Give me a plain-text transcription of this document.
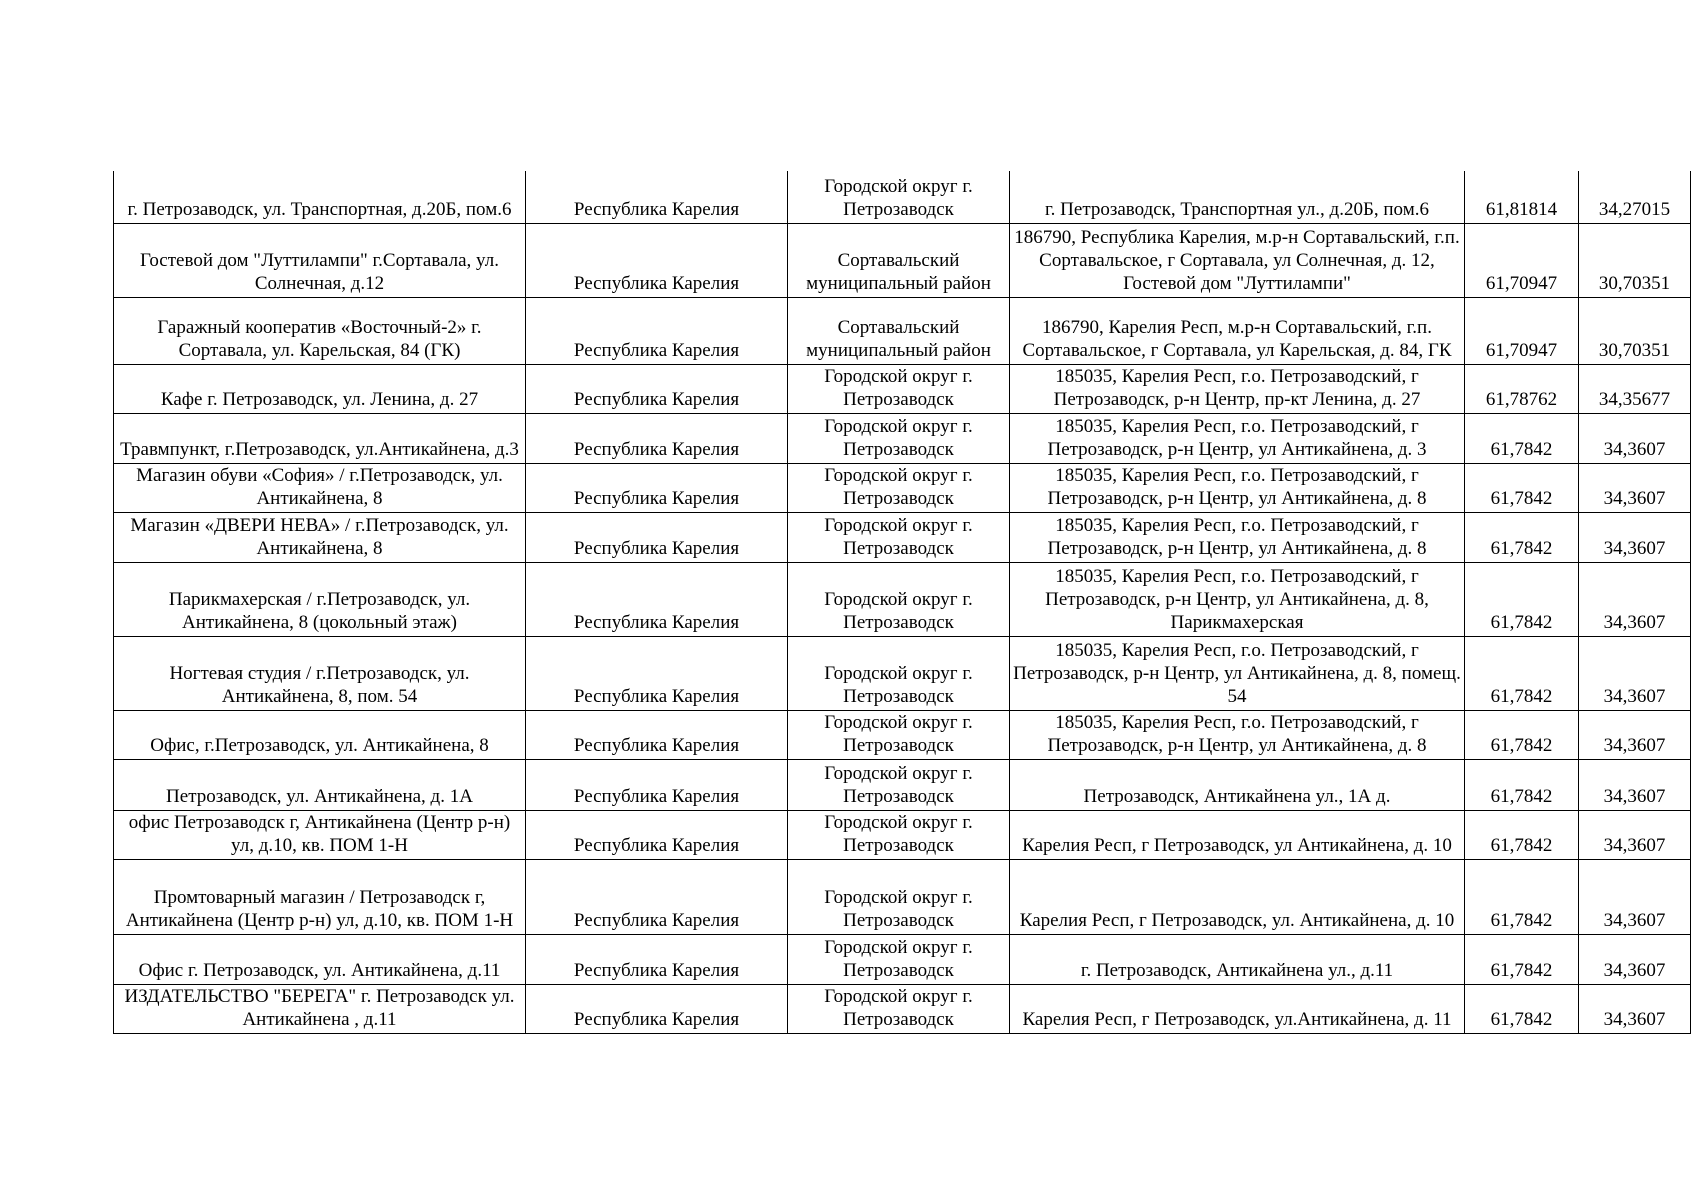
г. Петрозаводск, ул. Транспортная, д.20Б, пом.6	Республика Карелия	Городской округ г. Петрозаводск	г. Петрозаводск, Транспортная ул., д.20Б, пом.6	61,81814	34,27015
Гостевой дом "Луттилампи" г.Сортавала, ул. Солнечная, д.12	Республика Карелия	Сортавальский муниципальный район	186790, Республика Карелия, м.р-н Сортавальский, г.п. Сортавальское, г Сортавала, ул Солнечная, д. 12, Гостевой дом "Луттилампи"	61,70947	30,70351
Гаражный кооператив «Восточный-2» г. Сортавала, ул. Карельская, 84 (ГК)	Республика Карелия	Сортавальский муниципальный район	186790, Карелия Респ, м.р-н Сортавальский, г.п. Сортавальское, г Сортавала, ул Карельская, д. 84, ГК	61,70947	30,70351
Кафе г. Петрозаводск, ул. Ленина, д. 27	Республика Карелия	Городской округ г. Петрозаводск	185035, Карелия Респ, г.о. Петрозаводский, г Петрозаводск, р-н Центр, пр-кт Ленина, д. 27	61,78762	34,35677
Травмпункт, г.Петрозаводск, ул.Антикайнена, д.3	Республика Карелия	Городской округ г. Петрозаводск	185035, Карелия Респ, г.о. Петрозаводский, г Петрозаводск, р-н Центр, ул Антикайнена, д. 3	61,7842	34,3607
Магазин обуви «София» / г.Петрозаводск, ул. Антикайнена, 8	Республика Карелия	Городской округ г. Петрозаводск	185035, Карелия Респ, г.о. Петрозаводский, г Петрозаводск, р-н Центр, ул Антикайнена, д. 8	61,7842	34,3607
Магазин «ДВЕРИ НЕВА» / г.Петрозаводск, ул. Антикайнена, 8	Республика Карелия	Городской округ г. Петрозаводск	185035, Карелия Респ, г.о. Петрозаводский, г Петрозаводск, р-н Центр, ул Антикайнена, д. 8	61,7842	34,3607
Парикмахерская / г.Петрозаводск, ул. Антикайнена, 8 (цокольный этаж)	Республика Карелия	Городской округ г. Петрозаводск	185035, Карелия Респ, г.о. Петрозаводский, г Петрозаводск, р-н Центр, ул Антикайнена, д. 8, Парикмахерская	61,7842	34,3607
Ногтевая студия / г.Петрозаводск, ул. Антикайнена, 8, пом. 54	Республика Карелия	Городской округ г. Петрозаводск	185035, Карелия Респ, г.о. Петрозаводский, г Петрозаводск, р-н Центр, ул Антикайнена, д. 8, помещ. 54	61,7842	34,3607
Офис, г.Петрозаводск, ул. Антикайнена, 8	Республика Карелия	Городской округ г. Петрозаводск	185035, Карелия Респ, г.о. Петрозаводский, г Петрозаводск, р-н Центр, ул Антикайнена, д. 8	61,7842	34,3607
Петрозаводск, ул. Антикайнена, д. 1А	Республика Карелия	Городской округ г. Петрозаводск	Петрозаводск, Антикайнена ул., 1А д.	61,7842	34,3607
офис Петрозаводск г, Антикайнена (Центр р-н) ул, д.10, кв. ПОМ 1-Н	Республика Карелия	Городской округ г. Петрозаводск	Карелия Респ, г Петрозаводск, ул Антикайнена, д. 10	61,7842	34,3607
Промтоварный магазин / Петрозаводск г, Антикайнена (Центр р-н) ул, д.10, кв. ПОМ 1-Н	Республика Карелия	Городской округ г. Петрозаводск	Карелия Респ, г Петрозаводск, ул. Антикайнена, д. 10	61,7842	34,3607
Офис г. Петрозаводск, ул. Антикайнена, д.11	Республика Карелия	Городской округ г. Петрозаводск	г. Петрозаводск, Антикайнена ул., д.11	61,7842	34,3607
ИЗДАТЕЛЬСТВО "БЕРЕГА" г. Петрозаводск ул. Антикайнена , д.11	Республика Карелия	Городской округ г. Петрозаводск	Карелия Респ, г Петрозаводск, ул.Антикайнена, д. 11	61,7842	34,3607
